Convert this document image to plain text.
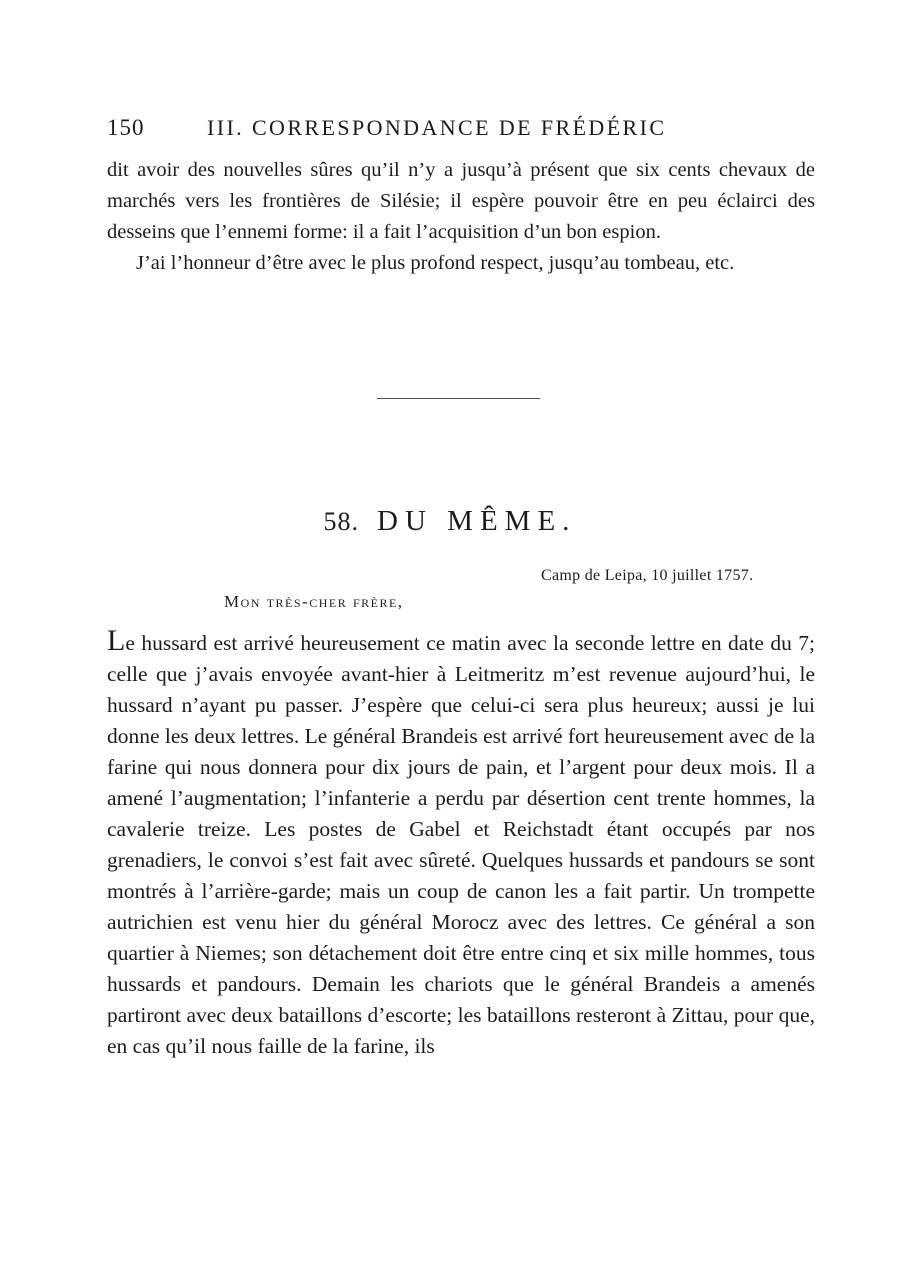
150	III. CORRESPONDANCE DE FRÉDÉRIC

dit avoir des nouvelles sûres qu’il n’y a jusqu’à présent que six cents chevaux de marchés vers les frontières de Silésie; il espère pouvoir être en peu éclairci des desseins que l’ennemi forme: il a fait l’acquisition d’un bon espion.

J’ai l’honneur d’être avec le plus profond respect, jusqu’au tombeau, etc.

58. DU MÊME.
Camp de Leipa, 10 juillet 1757.
Mon très-cher frère,

Le hussard est arrivé heureusement ce matin avec la seconde lettre en date du 7; celle que j’avais envoyée avant-hier à Leitmeritz m’est revenue aujourd’hui, le hussard n’ayant pu passer. J’espère que celui-ci sera plus heureux; aussi je lui donne les deux lettres. Le général Brandeis est arrivé fort heureusement avec de la farine qui nous donnera pour dix jours de pain, et l’argent pour deux mois. Il a amené l’augmentation; l’infanterie a perdu par désertion cent trente hommes, la cavalerie treize. Les postes de Gabel et Reichstadt étant occupés par nos grenadiers, le convoi s’est fait avec sûreté. Quelques hussards et pandours se sont montrés à l’arrière-garde; mais un coup de canon les a fait partir. Un trompette autrichien est venu hier du général Morocz avec des lettres. Ce général a son quartier à Niemes; son détachement doit être entre cinq et six mille hommes, tous hussards et pandours. Demain les chariots que le général Brandeis a amenés partiront avec deux bataillons d’escorte; les bataillons resteront à Zittau, pour que, en cas qu’il nous faille de la farine, ils
